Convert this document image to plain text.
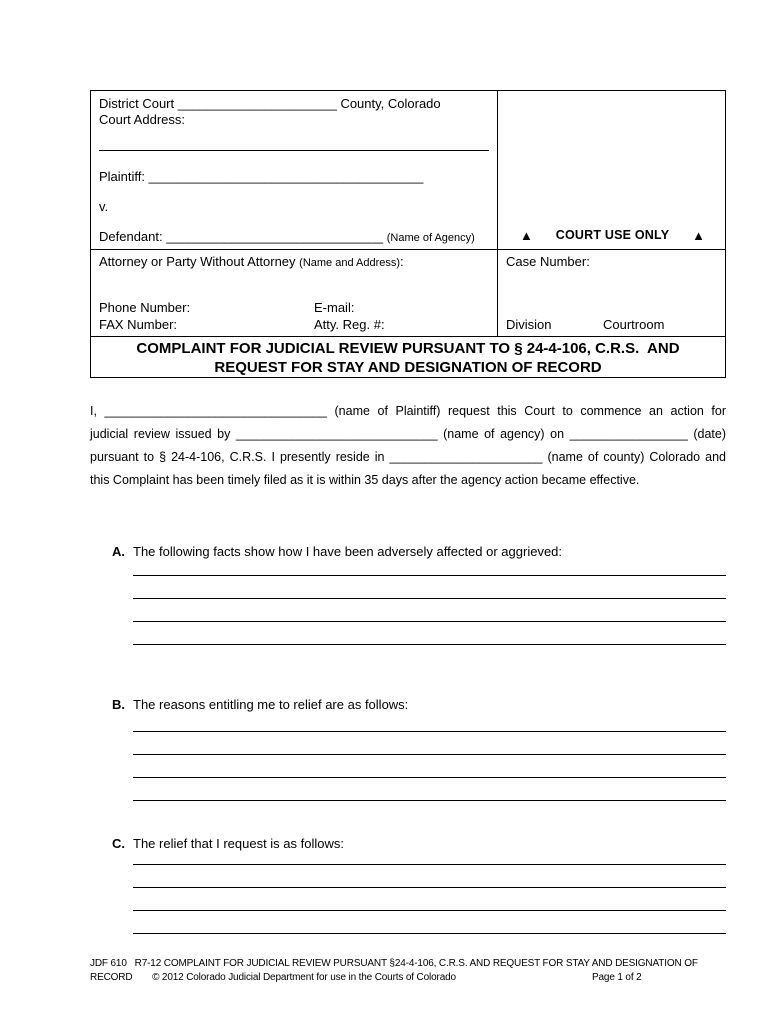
District Court ______________________ County, Colorado
Court Address:
Plaintiff: ______________________________________
v.
Defendant: ______________________________ (Name of Agency)	▲ COURT USE ONLY ▲
Attorney or Party Without Attorney (Name and Address):
Phone Number:	E-mail:
FAX Number:	Atty. Reg. #:
Case Number:
Division	Courtroom
COMPLAINT FOR JUDICIAL REVIEW PURSUANT TO § 24-4-106, C.R.S.  AND
REQUEST FOR STAY AND DESIGNATION OF RECORD
I, ________________________________ (name of Plaintiff) request this Court to commence an action for
judicial review issued by _____________________________ (name of agency) on _________________ (date)
pursuant to § 24-4-106, C.R.S. I presently reside in ______________________ (name of county) Colorado and
this Complaint has been timely filed as it is within 35 days after the agency action became effective.
A. The following facts show how I have been adversely affected or aggrieved:
B. The reasons entitling me to relief are as follows:
C. The relief that I request is as follows:
JDF 610   R7-12 COMPLAINT FOR JUDICIAL REVIEW PURSUANT §24-4-106, C.R.S. AND REQUEST FOR STAY AND DESIGNATION OF
RECORD © 2012 Colorado Judicial Department for use in the Courts of Colorado	Page 1 of 2
